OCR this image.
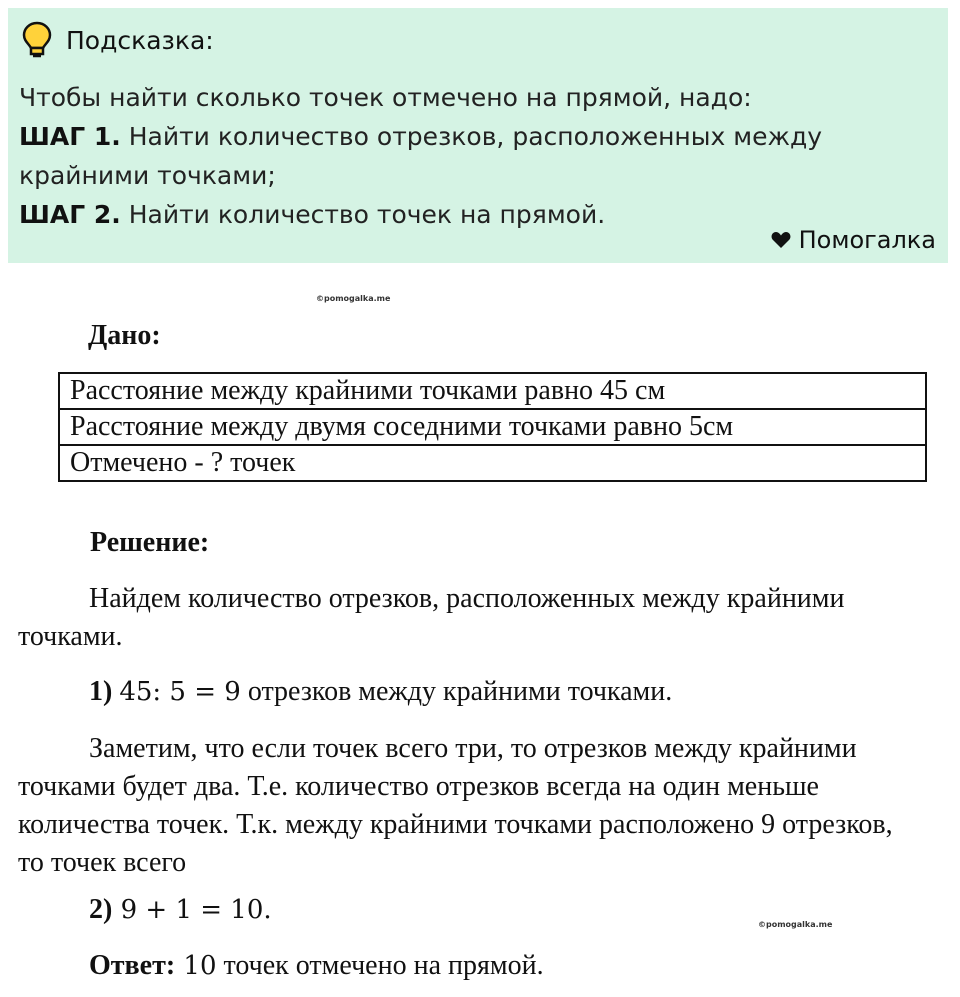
Подсказка:
Чтобы найти сколько точек отмечено на прямой, надо:
ШАГ 1. Найти количество отрезков, расположенных между крайними точками;
ШАГ 2. Найти количество точек на прямой.
Помогалка
©pomogalka.me
Дано:
Расстояние между крайними точками равно 45 см
Расстояние между двумя соседними точками равно 5см
Отмечено - ? точек
Решение:
Найдем количество отрезков, расположенных между крайними точками.
1) 45: 5 = 9 отрезков между крайними точками.
Заметим, что если точек всего три, то отрезков между крайними точками будет два. Т.е. количество отрезков всегда на один меньше количества точек. Т.к. между крайними точками расположено 9 отрезков, то точек всего
2) 9 + 1 = 10.	©pomogalka.me
Ответ: 10 точек отмечено на прямой.
